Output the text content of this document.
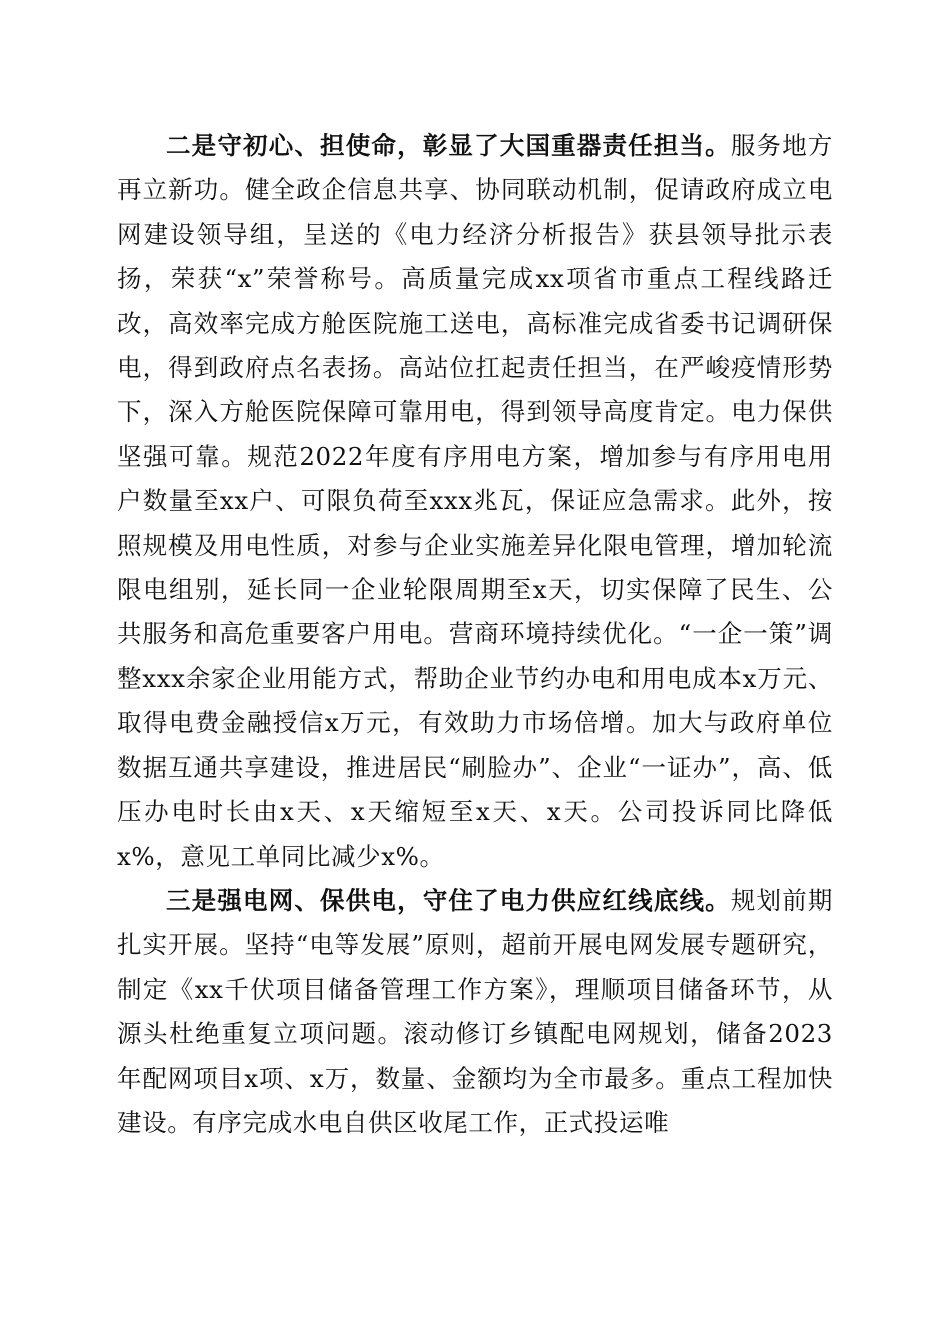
二是守初心、担使命，彰显了大国重器责任担当。服务地方再立新功。健全政企信息共享、协同联动机制，促请政府成立电网建设领导组，呈送的《电力经济分析报告》获县领导批示表扬，荣获“x”荣誉称号。高质量完成xx项省市重点工程线路迁改，高效率完成方舱医院施工送电，高标准完成省委书记调研保电，得到政府点名表扬。高站位扛起责任担当，在严峻疫情形势下，深入方舱医院保障可靠用电，得到领导高度肯定。电力保供坚强可靠。规范2022年度有序用电方案，增加参与有序用电用户数量至xx户、可限负荷至xxx兆瓦，保证应急需求。此外，按照规模及用电性质，对参与企业实施差异化限电管理，增加轮流限电组别，延长同一企业轮限周期至x天，切实保障了民生、公共服务和高危重要客户用电。营商环境持续优化。“一企一策”调整xxx余家企业用能方式，帮助企业节约办电和用电成本x万元、取得电费金融授信x万元，有效助力市场倍增。加大与政府单位数据互通共享建设，推进居民“刷脸办”、企业“一证办”，高、低压办电时长由x天、x天缩短至x天、x天。公司投诉同比降低x%，意见工单同比减少x%。

三是强电网、保供电，守住了电力供应红线底线。规划前期扎实开展。坚持“电等发展”原则，超前开展电网发展专题研究，制定《xx千伏项目储备管理工作方案》，理顺项目储备环节，从源头杜绝重复立项问题。滚动修订乡镇配电网规划，储备2023年配网项目x项、x万，数量、金额均为全市最多。重点工程加快建设。有序完成水电自供区收尾工作，正式投运唯
